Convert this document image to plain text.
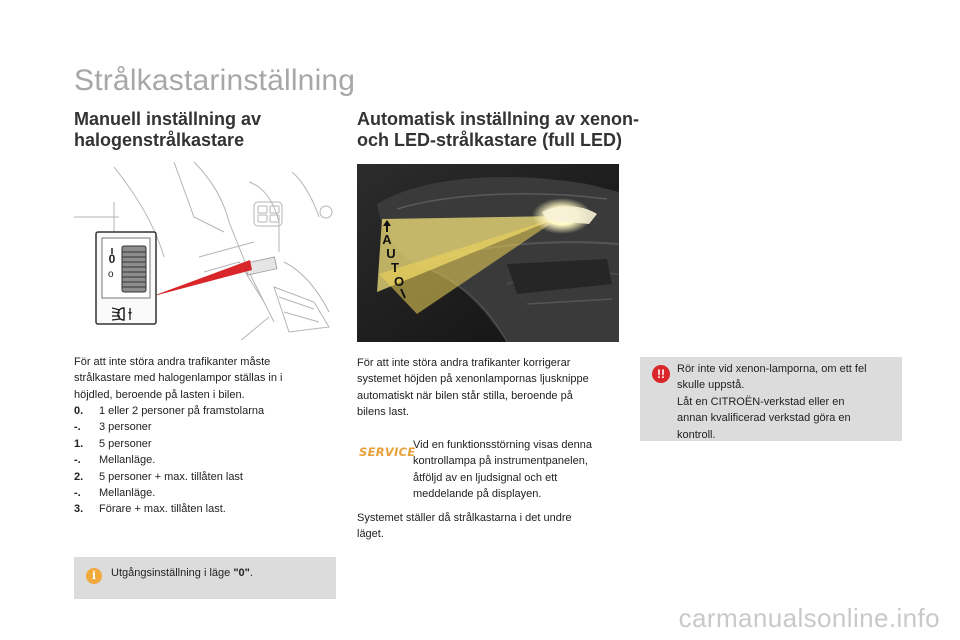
Strålkastarinställning
Manuell inställning av
halogenstrålkastare
Automatisk inställning av xenon-
och LED-strålkastare (full LED)
0
o
A
U
T
O
För att inte störa andra trafikanter måste
strålkastare med halogenlampor ställas in i
höjdled, beroende på lasten i bilen.
0.	1 eller 2 personer på framstolarna
-.	3 personer
1.	5 personer
-.	Mellanläge.
2.	5 personer + max. tillåten last
-.	Mellanläge.
3.	Förare + max. tillåten last.
i	Utgångsinställning i läge "0".
För att inte störa andra trafikanter korrigerar
systemet höjden på xenonlampornas ljusknippe
automatiskt när bilen står stilla, beroende på
bilens last.
SERVICE
Vid en funktionsstörning visas denna
kontrollampa på instrumentpanelen,
åtföljd av en ljudsignal och ett
meddelande på displayen.
Systemet ställer då strålkastarna i det undre
läget.
!!	Rör inte vid xenon-lamporna, om ett fel
skulle uppstå.
Låt en CITROËN-verkstad eller en
annan kvalificerad verkstad göra en
kontroll.
carmanualsonline.info
